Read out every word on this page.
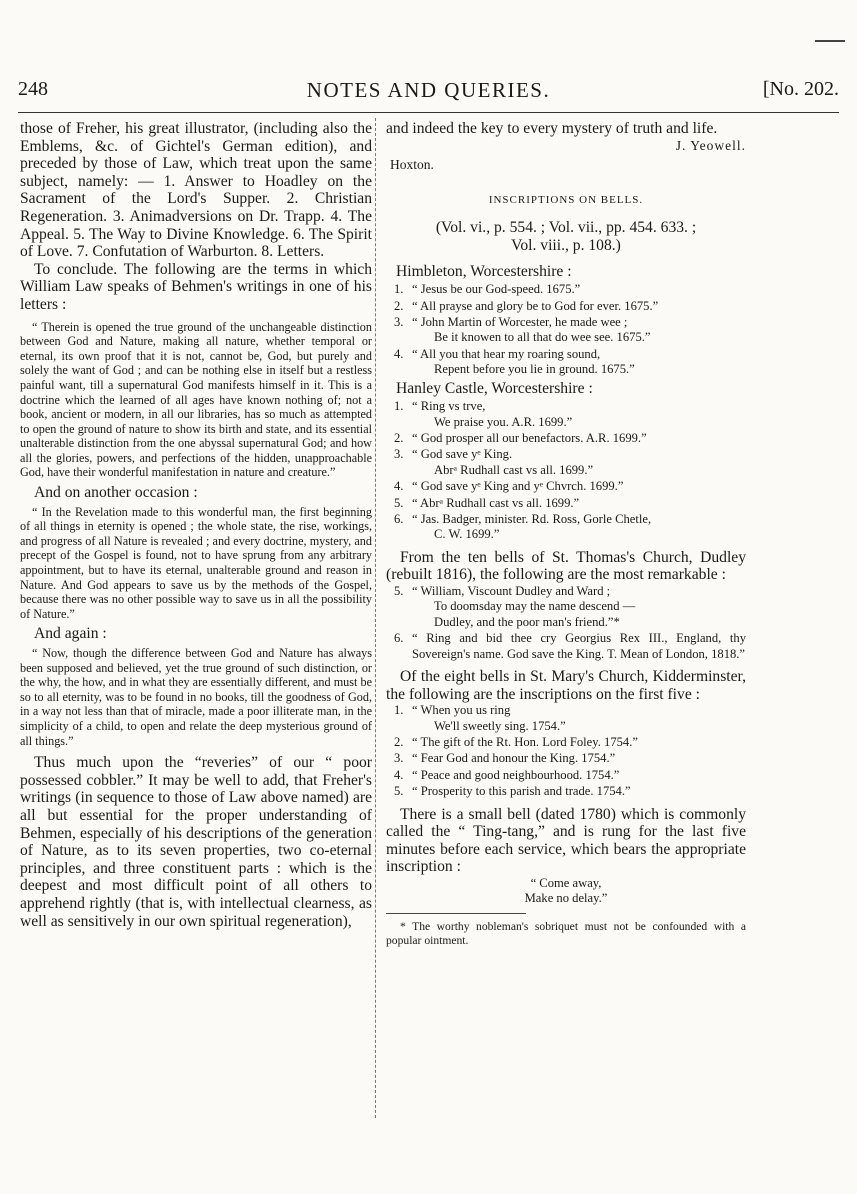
248	NOTES AND QUERIES.	[No. 202.

those of Freher, his great illustrator, (including also the Emblems, &c. of Gichtel's German edition), and preceded by those of Law, which treat upon the same subject, namely: — 1. Answer to Hoadley on the Sacrament of the Lord's Supper. 2. Christian Regeneration. 3. Animadversions on Dr. Trapp. 4. The Appeal. 5. The Way to Divine Knowledge. 6. The Spirit of Love. 7. Confutation of Warburton. 8. Letters.

To conclude. The following are the terms in which William Law speaks of Behmen's writings in one of his letters :

“ Therein is opened the true ground of the unchangeable distinction between God and Nature, making all nature, whether temporal or eternal, its own proof that it is not, cannot be, God, but purely and solely the want of God ; and can be nothing else in itself but a restless painful want, till a supernatural God manifests himself in it. This is a doctrine which the learned of all ages have known nothing of; not a book, ancient or modern, in all our libraries, has so much as attempted to open the ground of nature to show its birth and state, and its essential unalterable distinction from the one abyssal supernatural God; and how all the glories, powers, and perfections of the hidden, unapproachable God, have their wonderful manifestation in nature and creature.”

And on another occasion :

“ In the Revelation made to this wonderful man, the first beginning of all things in eternity is opened ; the whole state, the rise, workings, and progress of all Nature is revealed ; and every doctrine, mystery, and precept of the Gospel is found, not to have sprung from any arbitrary appointment, but to have its eternal, unalterable ground and reason in Nature. And God appears to save us by the methods of the Gospel, because there was no other possible way to save us in all the possibility of Nature.”

And again :

“ Now, though the difference between God and Nature has always been supposed and believed, yet the true ground of such distinction, or the why, the how, and in what they are essentially different, and must be so to all eternity, was to be found in no books, till the goodness of God, in a way not less than that of miracle, made a poor illiterate man, in the simplicity of a child, to open and relate the deep mysterious ground of all things.”

Thus much upon the “reveries” of our “ poor possessed cobbler.” It may be well to add, that Freher's writings (in sequence to those of Law above named) are all but essential for the proper understanding of Behmen, especially of his descriptions of the generation of Nature, as to its seven properties, two co-eternal principles, and three constituent parts : which is the deepest and most difficult point of all others to apprehend rightly (that is, with intellectual clearness, as well as sensitively in our own spiritual regeneration),

and indeed the key to every mystery of truth and life.

J. Yeowell.
Hoxton.
INSCRIPTIONS ON BELLS.
(Vol. vi., p. 554. ; Vol. vii., pp. 454. 633. ;
Vol. viii., p. 108.)

Himbleton, Worcestershire :

1. “ Jesus be our God-speed. 1675.”
2. “ All prayse and glory be to God for ever. 1675.”
3. “ John Martin of Worcester, he made wee ;
Be it knowen to all that do wee see. 1675.”
4. “ All you that hear my roaring sound,
Repent before you lie in ground. 1675.”

Hanley Castle, Worcestershire :

1. “ Ring vs trve,
We praise you. A.R. 1699.”
2. “ God prosper all our benefactors. A.R. 1699.”
3. “ God save yᵉ King.
Abrᵃ Rudhall cast vs all. 1699.”
4. “ God save yᵉ King and yᵉ Chvrch. 1699.”
5. “ Abrᵃ Rudhall cast vs all. 1699.”
6. “ Jas. Badger, minister. Rd. Ross, Gorle Chetle,
C. W. 1699.”

From the ten bells of St. Thomas's Church, Dudley (rebuilt 1816), the following are the most remarkable :

5. “ William, Viscount Dudley and Ward ;
To doomsday may the name descend —
Dudley, and the poor man's friend.”*
6. “ Ring and bid thee cry Georgius Rex III., England, thy Sovereign's name. God save the King. T. Mean of London, 1818.”

Of the eight bells in St. Mary's Church, Kidderminster, the following are the inscriptions on the first five :

1. “ When you us ring
We'll sweetly sing. 1754.”
2. “ The gift of the Rt. Hon. Lord Foley. 1754.”
3. “ Fear God and honour the King. 1754.”
4. “ Peace and good neighbourhood. 1754.”
5. “ Prosperity to this parish and trade. 1754.”

There is a small bell (dated 1780) which is commonly called the “ Ting-tang,” and is rung for the last five minutes before each service, which bears the appropriate inscription :

“ Come away,
Make no delay.”

* The worthy nobleman's sobriquet must not be confounded with a popular ointment.
